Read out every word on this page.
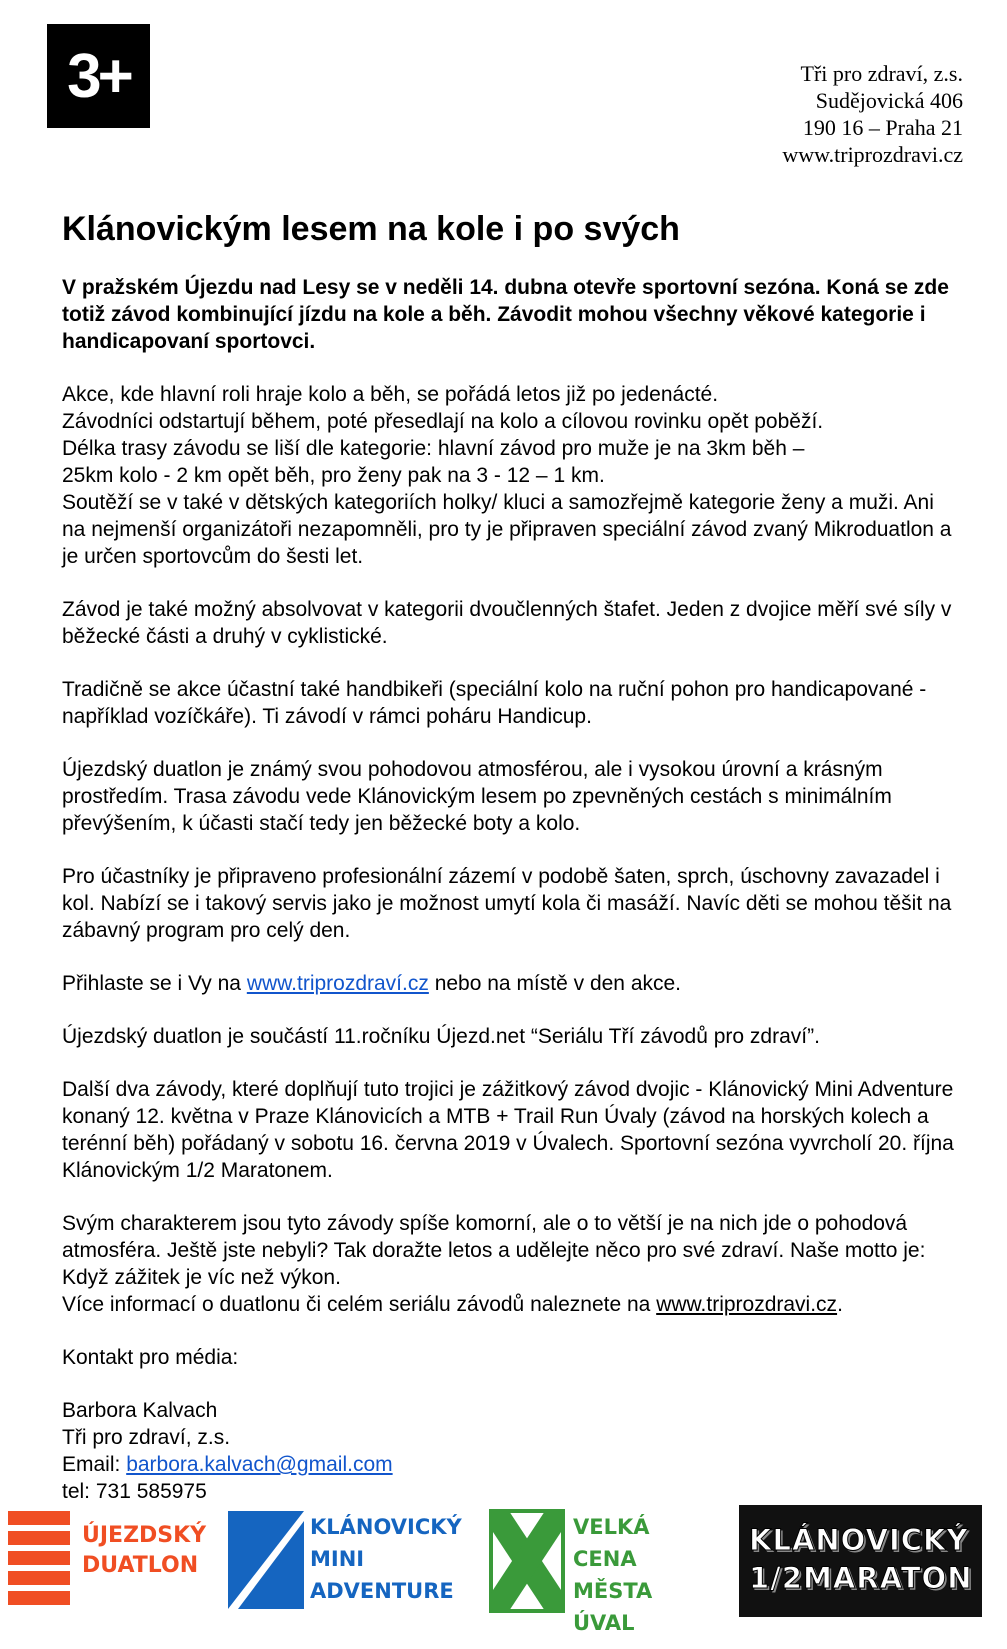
3+	Tři pro zdraví, z.s.
Sudějovická 406
190 16 – Praha 21
www.triprozdravi.cz
Klánovickým lesem na kole i po svých
V pražském Újezdu nad Lesy se v neděli 14. dubna otevře sportovní sezóna. Koná se zde totiž závod kombinující jízdu na kole a běh. Závodit mohou všechny věkové kategorie i handicapovaní sportovci.

Akce, kde hlavní roli hraje kolo a běh, se pořádá letos již po jedenácté.
Závodníci odstartují během, poté přesedlají na kolo a cílovou rovinku opět poběží.
Délka trasy závodu se liší dle kategorie: hlavní závod pro muže je na 3km běh –
25km kolo - 2 km opět běh, pro ženy pak na 3 - 12 – 1 km.
Soutěží se v také v dětských kategoriích holky/ kluci a samozřejmě kategorie ženy a muži. Ani na nejmenší organizátoři nezapomněli, pro ty je připraven speciální závod zvaný Mikroduatlon a je určen sportovcům do šesti let.

Závod je také možný absolvovat v kategorii dvoučlenných štafet. Jeden z dvojice měří své síly v běžecké části a druhý v cyklistické.

Tradičně se akce účastní také handbikeři (speciální kolo na ruční pohon pro handicapované - například vozíčkáře). Ti závodí v rámci poháru Handicup.

Újezdský duatlon je známý svou pohodovou atmosférou, ale i vysokou úrovní a krásným prostředím. Trasa závodu vede Klánovickým lesem po zpevněných cestách s minimálním převýšením, k účasti stačí tedy jen běžecké boty a kolo.

Pro účastníky je připraveno profesionální zázemí v podobě šaten, sprch, úschovny zavazadel i kol. Nabízí se i takový servis jako je možnost umytí kola či masáží. Navíc děti se mohou těšit na zábavný program pro celý den.

Přihlaste se i Vy na www.triprozdraví.cz nebo na místě v den akce.

Újezdský duatlon je součástí 11.ročníku Újezd.net “Seriálu Tří závodů pro zdraví”.

Další dva závody, které doplňují tuto trojici je zážitkový závod dvojic - Klánovický Mini Adventure konaný 12. května v Praze Klánovicích a MTB + Trail Run Úvaly (závod na horských kolech a terénní běh) pořádaný v sobotu 16. června 2019 v Úvalech. Sportovní sezóna vyvrcholí 20. října Klánovickým 1/2 Maratonem.

Svým charakterem jsou tyto závody spíše komorní, ale o to větší je na nich jde o pohodová atmosféra. Ještě jste nebyli? Tak doražte letos a udělejte něco pro své zdraví. Naše motto je: Když zážitek je víc než výkon.
Více informací o duatlonu či celém seriálu závodů naleznete na www.triprozdravi.cz.

Kontakt pro média:

Barbora Kalvach
Tři pro zdraví, z.s.
Email: barbora.kalvach@gmail.com
tel: 731 585975

ÚJEZDSKÝ
DUATLON
KLÁNOVICKÝ
MINI
ADVENTURE
VELKÁ
CENA
MĚSTA ÚVAL
KLÁNOVICKÝ
1/2MARATON
